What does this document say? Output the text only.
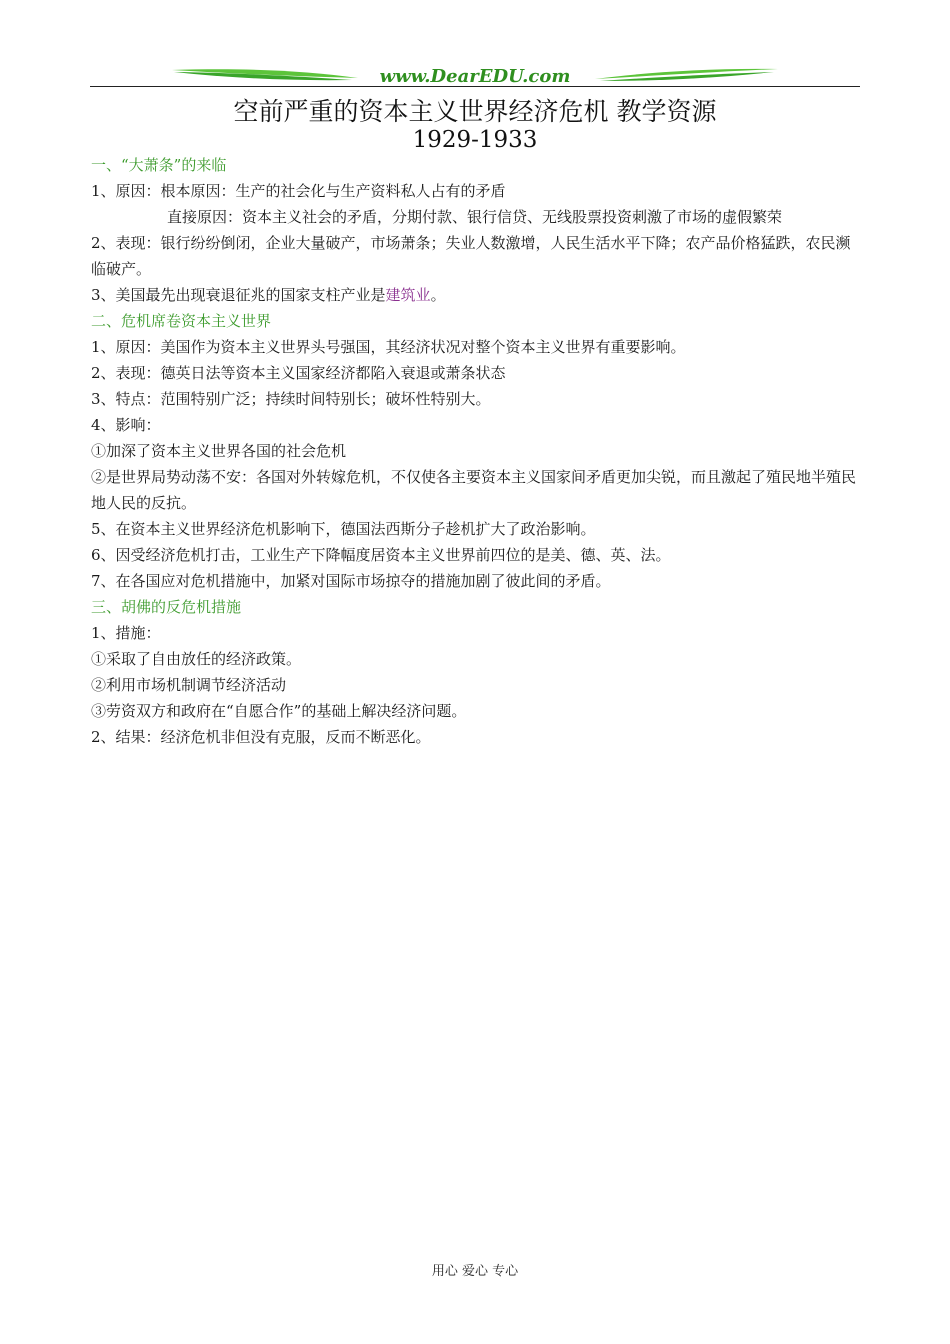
www.DearEDU.com
空前严重的资本主义世界经济危机 教学资源
1929-1933
一、“大萧条”的来临
1、原因：根本原因：生产的社会化与生产资料私人占有的矛盾
直接原因：资本主义社会的矛盾，分期付款、银行信贷、无线股票投资刺激了市场的虚假繁荣
2、表现：银行纷纷倒闭，企业大量破产，市场萧条；失业人数激增，人民生活水平下降；农产品价格猛跌，农民濒临破产。
3、美国最先出现衰退征兆的国家支柱产业是建筑业。
二、危机席卷资本主义世界
1、原因：美国作为资本主义世界头号强国，其经济状况对整个资本主义世界有重要影响。
2、表现：德英日法等资本主义国家经济都陷入衰退或萧条状态
3、特点：范围特别广泛；持续时间特别长；破坏性特别大。
4、影响：
①加深了资本主义世界各国的社会危机
②是世界局势动荡不安：各国对外转嫁危机，不仅使各主要资本主义国家间矛盾更加尖锐，而且激起了殖民地半殖民地人民的反抗。
5、在资本主义世界经济危机影响下，德国法西斯分子趁机扩大了政治影响。
6、因受经济危机打击，工业生产下降幅度居资本主义世界前四位的是美、德、英、法。
7、在各国应对危机措施中，加紧对国际市场掠夺的措施加剧了彼此间的矛盾。
三、胡佛的反危机措施
1、措施：
①采取了自由放任的经济政策。
②利用市场机制调节经济活动
③劳资双方和政府在“自愿合作”的基础上解决经济问题。
2、结果：经济危机非但没有克服，反而不断恶化。
用心 爱心 专心
